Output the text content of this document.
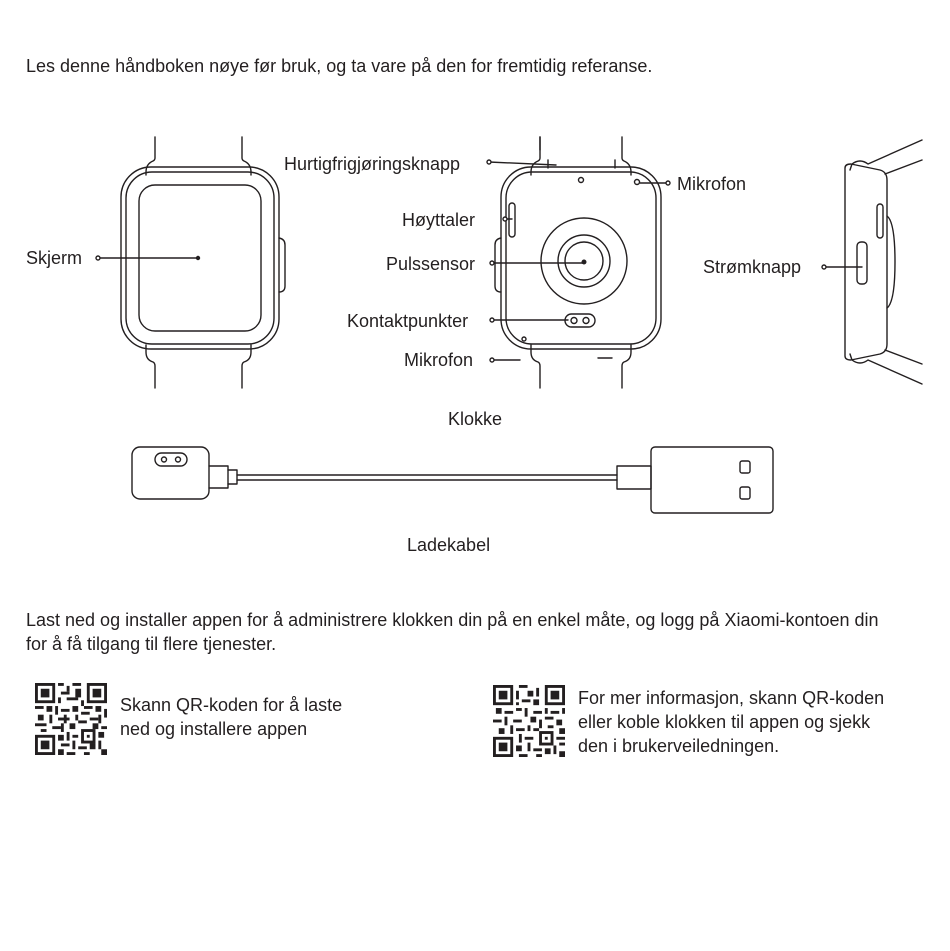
Les denne håndboken nøye før bruk, og ta vare på den for fremtidig referanse.
Skjerm
Hurtigfrigjøringsknapp
Mikrofon
Høyttaler
Pulssensor
Kontaktpunkter
Mikrofon
Strømknapp
Klokke
Ladekabel
Last ned og installer appen for å administrere klokken din på en enkel måte, og logg på Xiaomi-kontoen din for å få tilgang til flere tjenester.
Skann QR-koden for å laste
ned og installere appen
For mer informasjon, skann QR-koden
eller koble klokken til appen og sjekk
den i brukerveiledningen.
